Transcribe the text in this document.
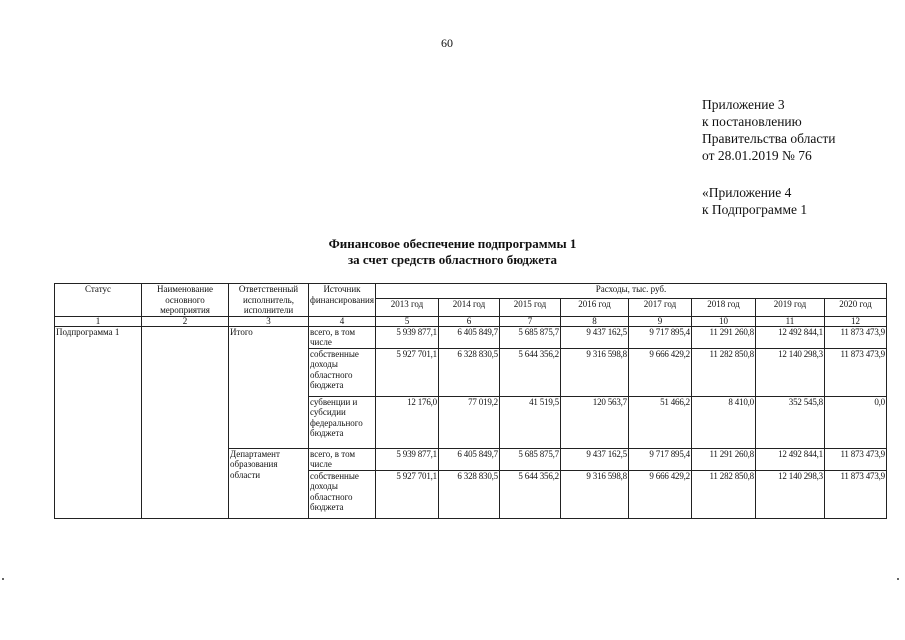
60
Приложение 3
к постановлению
Правительства области
от 28.01.2019 № 76
«Приложение 4
к Подпрограмме 1
Финансовое обеспечение подпрограммы 1
за счет средств областного бюджета
Статус	Наименование основного мероприятия	Ответственный исполнитель, исполнители	Источник финансирования	Расходы, тыс. руб.							
				2013 год	2014 год	2015 год	2016 год	2017 год	2018 год	2019 год	2020 год
1	2	3	4	5	6	7	8	9	10	11	12
Подпрограмма 1		Итого	всего, в том числе	5 939 877,1	6 405 849,7	5 685 875,7	9 437 162,5	9 717 895,4	11 291 260,8	12 492 844,1	11 873 473,9
			собственные доходы областного бюджета	5 927 701,1	6 328 830,5	5 644 356,2	9 316 598,8	9 666 429,2	11 282 850,8	12 140 298,3	11 873 473,9
			субвенции и субсидии федерального бюджета	12 176,0	77 019,2	41 519,5	120 563,7	51 466,2	8 410,0	352 545,8	0,0
		Департамент образования области	всего, в том числе	5 939 877,1	6 405 849,7	5 685 875,7	9 437 162,5	9 717 895,4	11 291 260,8	12 492 844,1	11 873 473,9
			собственные доходы областного бюджета	5 927 701,1	6 328 830,5	5 644 356,2	9 316 598,8	9 666 429,2	11 282 850,8	12 140 298,3	11 873 473,9
